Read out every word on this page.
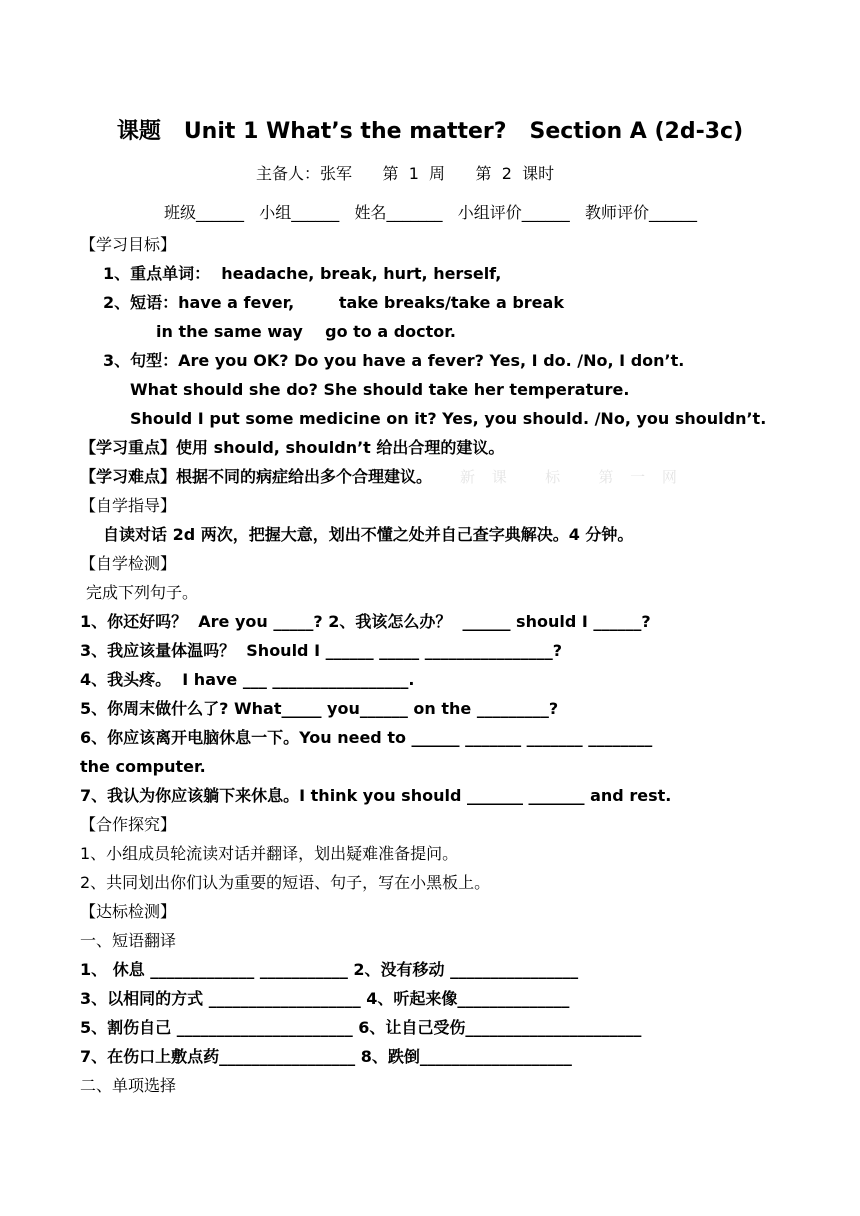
课题   Unit 1 What’s the matter?   Section A (2d-3c)
主备人：张军      第  1  周      第  2  课时
班级______   小组______   姓名_______   小组评价______   教师评价______
【学习目标】
1、重点单词：  headache, break, hurt, herself,
2、短语：have a fever,        take breaks/take a break
in the same way    go to a doctor.
3、句型：Are you OK? Do you have a fever? Yes, I do. /No, I don’t.
What should she do? She should take her temperature.
Should I put some medicine on it? Yes, you should. /No, you shouldn’t.
【学习重点】使用 should, shouldn’t 给出合理的建议。
【学习难点】根据不同的病症给出多个合理建议。 新 课   标   第 一 网
【自学指导】
自读对话 2d 两次，把握大意，划出不懂之处并自己查字典解决。4 分钟。
【自学检测】
完成下列句子。
1、你还好吗？  Are you _____? 2、我该怎么办？  ______ should I ______?
3、我应该量体温吗？  Should I ______ _____ ________________?
4、我头疼。  I have ___ _________________.
5、你周末做什么了? What_____ you______ on the _________?
6、你应该离开电脑休息一下。You need to ______ _______ _______ ________
the computer.
7、我认为你应该躺下来休息。I think you should _______ _______ and rest.
【合作探究】
1、小组成员轮流读对话并翻译，划出疑难准备提问。
2、共同划出你们认为重要的短语、句子，写在小黑板上。
【达标检测】
一、短语翻译
1、 休息 _____________ ___________ 2、没有移动 ________________
3、以相同的方式 ___________________ 4、听起来像______________
5、割伤自己 ______________________ 6、让自己受伤______________________
7、在伤口上敷点药_________________ 8、跌倒___________________
二、单项选择
